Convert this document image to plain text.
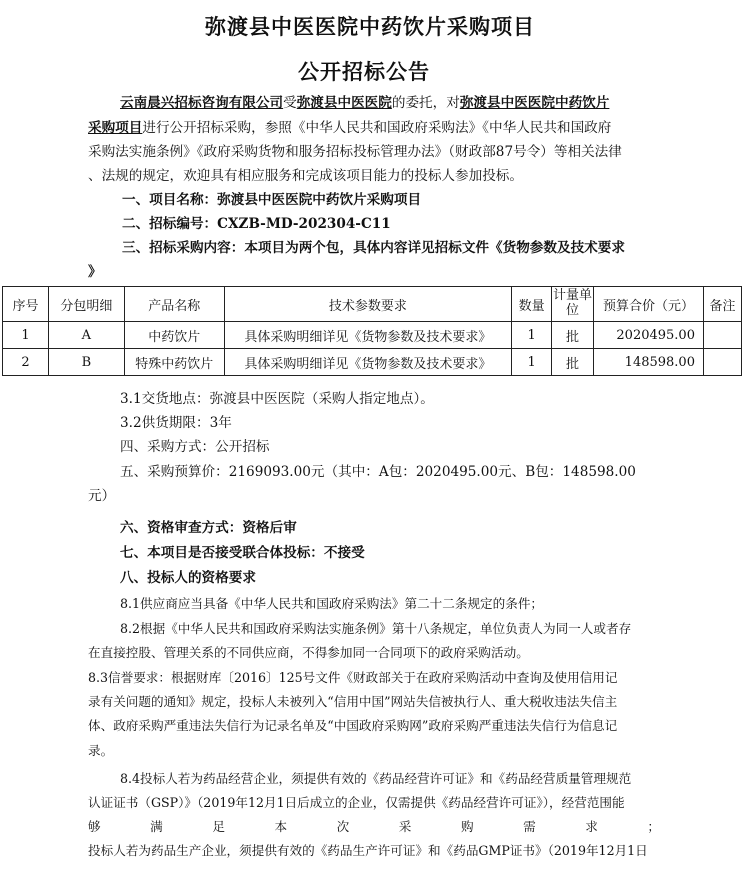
弥渡县中医医院中药饮片采购项目
公开招标公告
云南晨兴招标咨询有限公司受弥渡县中医医院的委托，对弥渡县中医医院中药饮片
采购项目进行公开招标采购，参照《中华人民共和国政府采购法》《中华人民共和国政府
采购法实施条例》《政府采购货物和服务招标投标管理办法》（财政部87号令）等相关法律
、法规的规定，欢迎具有相应服务和完成该项目能力的投标人参加投标。
一、项目名称：弥渡县中医医院中药饮片采购项目
二、招标编号：CXZB-MD-202304-C11
三、招标采购内容：本项目为两个包，具体内容详见招标文件《货物参数及技术要求
》
序号	分包明细	产品名称	技术参数要求	数量	计量单位	预算合价（元）	备注
1	A	中药饮片	具体采购明细详见《货物参数及技术要求》	1	批	2020495.00	
2	B	特殊中药饮片	具体采购明细详见《货物参数及技术要求》	1	批	148598.00	
3.1交货地点：弥渡县中医医院（采购人指定地点）。
3.2供货期限：3年
四、采购方式：公开招标
五、采购预算价：2169093.00元（其中：A包：2020495.00元、B包：148598.00
元）
六、资格审查方式：资格后审
七、本项目是否接受联合体投标：不接受
八、投标人的资格要求
8.1供应商应当具备《中华人民共和国政府采购法》第二十二条规定的条件；
8.2根据《中华人民共和国政府采购法实施条例》第十八条规定，单位负责人为同一人或者存
在直接控股、管理关系的不同供应商，不得参加同一合同项下的政府采购活动。
8.3信誉要求：根据财库〔2016〕125号文件《财政部关于在政府采购活动中查询及使用信用记
录有关问题的通知》规定，投标人未被列入“信用中国”网站失信被执行人、重大税收违法失信主
体、政府采购严重违法失信行为记录名单及“中国政府采购网”政府采购严重违法失信行为信息记
录。
8.4投标人若为药品经营企业，须提供有效的《药品经营许可证》和《药品经营质量管理规范
认证证书（GSP）》（2019年12月1日后成立的企业，仅需提供《药品经营许可证》），经营范围能
够	满	足	本	次	采	购	需	求	；
投标人若为药品生产企业，须提供有效的《药品生产许可证》和《药品GMP证书》（2019年12月1日
